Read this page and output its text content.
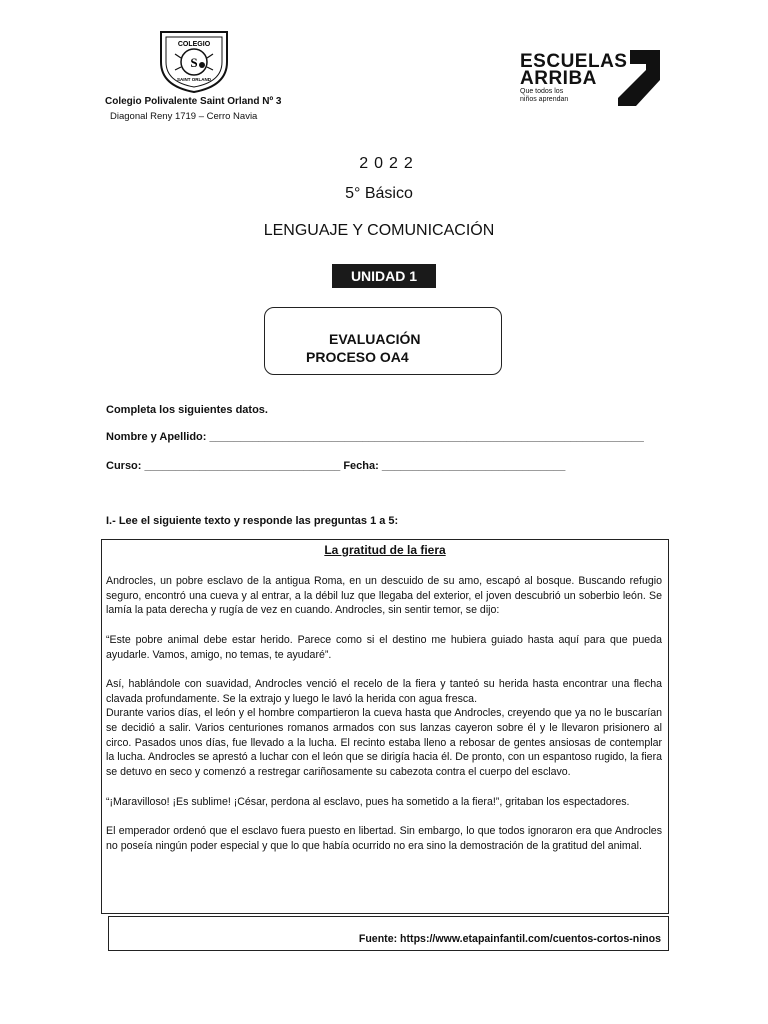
COLEGIO
S
SAINT ORLAND
Colegio Polivalente Saint Orland Nº 3
Diagonal Reny 1719 – Cerro Navia
ESCUELAS
ARRIBA
Que todos los
niños aprendan
2022
5° Básico
LENGUAJE Y COMUNICACIÓN
UNIDAD 1
EVALUACIÓN
PROCESO OA4
Completa los siguientes datos.
Nombre y Apellido: _______________________________________________________________________
Curso: ________________________________ Fecha: ______________________________
I.- Lee el siguiente texto y responde las preguntas 1 a 5:
La gratitud de la fiera

Androcles, un pobre esclavo de la antigua Roma, en un descuido de su amo, escapó al bosque. Buscando refugio seguro, encontró una cueva y al entrar, a la débil luz que llegaba del exterior, el joven descubrió un soberbio león. Se lamía la pata derecha y rugía de vez en cuando. Androcles, sin sentir temor, se dijo:

“Este pobre animal debe estar herido. Parece como si el destino me hubiera guiado hasta aquí para que pueda ayudarle. Vamos, amigo, no temas, te ayudaré”.

Así, hablándole con suavidad, Androcles venció el recelo de la fiera y tanteó su herida hasta encontrar una flecha clavada profundamente. Se la extrajo y luego le lavó la herida con agua fresca.

Durante varios días, el león y el hombre compartieron la cueva hasta que Androcles, creyendo que ya no le buscarían se decidió a salir. Varios centuriones romanos armados con sus lanzas cayeron sobre él y le llevaron prisionero al circo. Pasados unos días, fue llevado a la lucha. El recinto estaba lleno a rebosar de gentes ansiosas de contemplar la lucha. Androcles se aprestó a luchar con el león que se dirigía hacia él. De pronto, con un espantoso rugido, la fiera se detuvo en seco y comenzó a restregar cariñosamente su cabezota contra el cuerpo del esclavo.

“¡Maravilloso! ¡Es sublime! ¡César, perdona al esclavo, pues ha sometido a la fiera!”, gritaban los espectadores.

El emperador ordenó que el esclavo fuera puesto en libertad. Sin embargo, lo que todos ignoraron era que Androcles no poseía ningún poder especial y que lo que había ocurrido no era sino la demostración de la gratitud del animal.

Fuente: https://www.etapainfantil.com/cuentos-cortos-ninos
